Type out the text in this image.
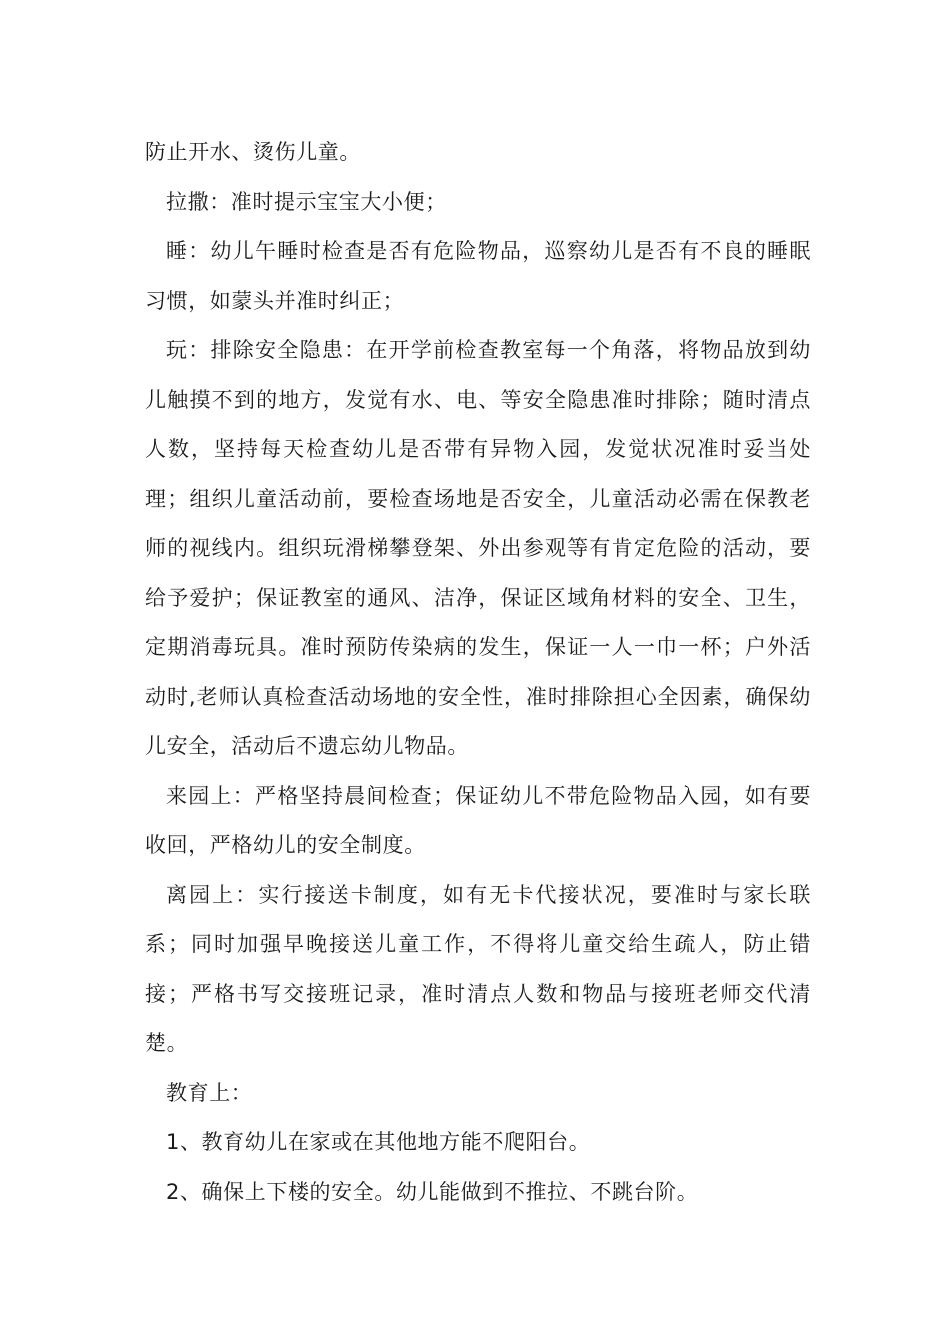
防止开水、烫伤儿童。

拉撒：准时提示宝宝大小便；

睡：幼儿午睡时检查是否有危险物品，巡察幼儿是否有不良的睡眠习惯，如蒙头并准时纠正；

玩：排除安全隐患：在开学前检查教室每一个角落，将物品放到幼儿触摸不到的地方，发觉有水、电、等安全隐患准时排除；随时清点人数，坚持每天检查幼儿是否带有异物入园，发觉状况准时妥当处理；组织儿童活动前，要检查场地是否安全，儿童活动必需在保教老师的视线内。组织玩滑梯攀登架、外出参观等有肯定危险的活动，要给予爱护；保证教室的通风、洁净，保证区域角材料的安全、卫生，定期消毒玩具。准时预防传染病的发生，保证一人一巾一杯；户外活动时,老师认真检查活动场地的安全性，准时排除担心全因素，确保幼儿安全，活动后不遗忘幼儿物品。

来园上：严格坚持晨间检查；保证幼儿不带危险物品入园，如有要收回，严格幼儿的安全制度。

离园上：实行接送卡制度，如有无卡代接状况，要准时与家长联系；同时加强早晚接送儿童工作，不得将儿童交给生疏人，防止错接；严格书写交接班记录，准时清点人数和物品与接班老师交代清楚。

教育上：

1、教育幼儿在家或在其他地方能不爬阳台。

2、确保上下楼的安全。幼儿能做到不推拉、不跳台阶。
